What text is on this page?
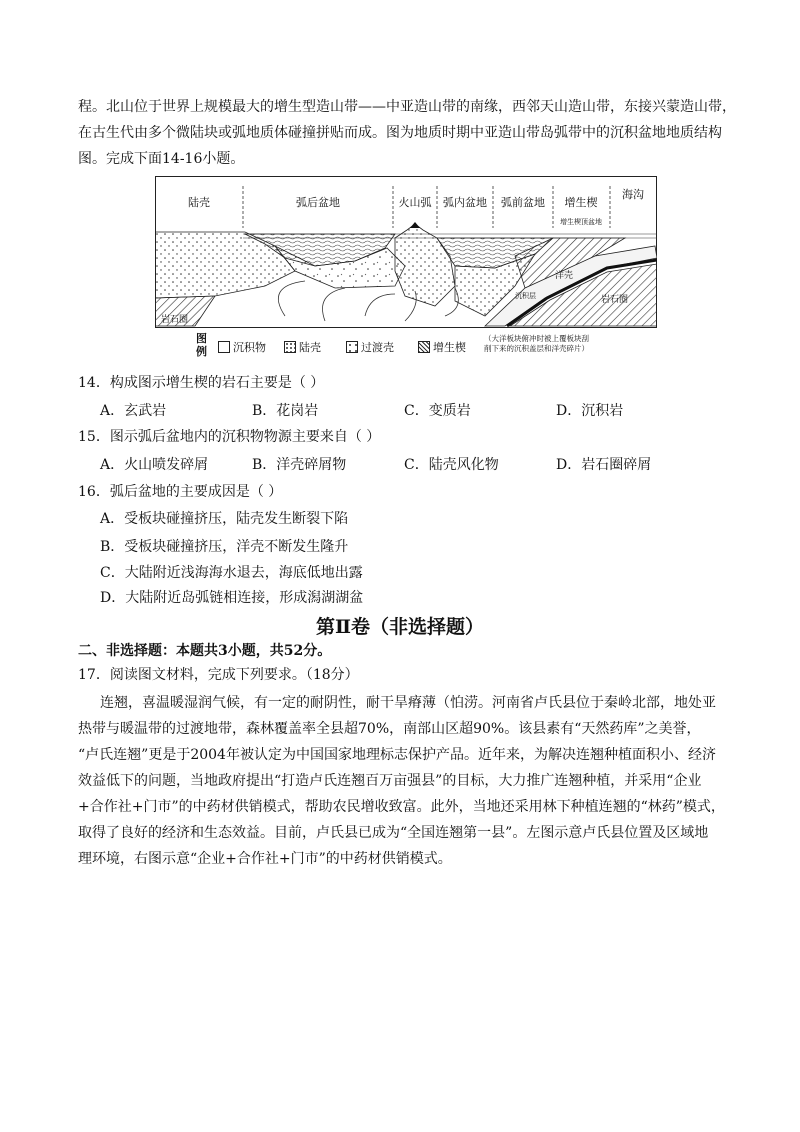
程。北山位于世界上规模最大的增生型造山带——中亚造山带的南缘，西邻天山造山带，东接兴蒙造山带，
在古生代由多个微陆块或弧地质体碰撞拼贴而成。图为地质时期中亚造山带岛弧带中的沉积盆地地质结构
图。完成下面14-16小题。
陆壳	弧后盆地	火山弧 弧内盆地 弧前盆地 增生楔
海沟
增生楔顶盆地
岩石圈
岩石圈
洋壳
沉积层
图例 沉积物	陆壳	过渡壳	增生楔
（大洋板块俯冲时被上覆板块刮
削下来的沉积盖层和洋壳碎片）
14．构成图示增生楔的岩石主要是（ ）
A．玄武岩	B．花岗岩	C．变质岩	D．沉积岩
15．图示弧后盆地内的沉积物物源主要来自（ ）
A．火山喷发碎屑	B．洋壳碎屑物	C．陆壳风化物	D．岩石圈碎屑
16．弧后盆地的主要成因是（ ）
A．受板块碰撞挤压，陆壳发生断裂下陷
B．受板块碰撞挤压，洋壳不断发生隆升
C．大陆附近浅海海水退去，海底低地出露
D．大陆附近岛弧链相连接，形成潟湖湖盆
第Ⅱ卷（非选择题）
二、非选择题：本题共3小题，共52分。
17．阅读图文材料，完成下列要求。（18分）
连翘，喜温暖湿润气候，有一定的耐阴性，耐干旱瘠薄（怕涝。河南省卢氏县位于秦岭北部，地处亚
热带与暖温带的过渡地带，森林覆盖率全县超70%，南部山区超90%。该县素有“天然药库”之美誉，
“卢氏连翘”更是于2004年被认定为中国国家地理标志保护产品。近年来，为解决连翘种植面积小、经济
效益低下的问题，当地政府提出“打造卢氏连翘百万亩强县”的目标，大力推广连翘种植，并采用“企业
+合作社+门市”的中药材供销模式，帮助农民增收致富。此外，当地还采用林下种植连翘的“林药”模式，
取得了良好的经济和生态效益。目前，卢氏县已成为“全国连翘第一县”。左图示意卢氏县位置及区域地
理环境，右图示意“企业+合作社+门市”的中药材供销模式。
